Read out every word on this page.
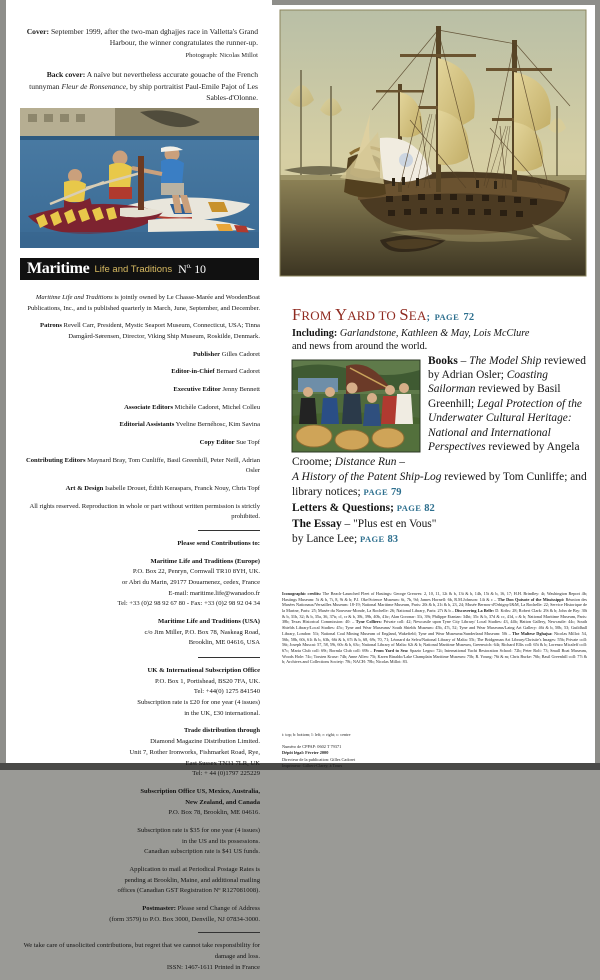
Cover: September 1999, after the two-man dghajjes race in Valletta's Grand Harbour, the winner congratulates the runner-up.
Photograph: Nicolas Millot

Back cover: A naïve but nevertheless accurate gouache of the French tunnyman Fleur de Ronsenance, by ship portraitist Paul-Emile Pajot of Les Sables-d'Olonne.

Maritime Life and Traditions $N^{o.}$ 10

Maritime Life and Traditions is jointly owned by Le Chasse-Marée and WoodenBoat Publications, Inc., and is published quarterly in March, June, September, and December.

Patrons Revell Carr, President, Mystic Seaport Museum, Connecticut, USA; Tinna Damgård-Sørensen, Director, Viking Ship Museum, Roskilde, Denmark.

Publisher Gilles Cadoret

Editor-in-Chief Bernard Cadoret

Executive Editor Jenny Bennett

Associate Editors Michèle Cadoret, Michel Colleu

Editorial Assistants Yveline Bernéhosc, Kim Savina

Copy Editor Sue Topf

Contributing Editors Maynard Bray, Tom Cunliffe, Basil Greenhill, Peter Neill, Adrian Osler

Art & Design Isabelle Drouet, Édith Keraspars, Franck Nouy, Chris Topf

All rights reserved. Reproduction in whole or part without written permission is strictly prohibited.

Please send Contributions to:

Maritime Life and Traditions (Europe)
P.O. Box 22, Penryn, Cornwall TR10 8YH, UK.
or Abri du Marin, 29177 Douarnenez, cedex, France
E-mail: maritime.life@wanadoo.fr
Tel: +33 (0)2 98 92 67 80 - Fax: +33 (0)2 98 92 04 34

Maritime Life and Traditions (USA)
c/o Jim Miller, P.O. Box 78, Naskeag Road,
Brooklin, ME 04616, USA

UK & International Subscription Office
P.O. Box 1, Portishead, BS20 7FA, UK.
Tel: +44(0) 1275 841540
Subscription rate is £20 for one year (4 issues)
in the UK, £30 international.

Trade distribution through
Diamond Magazine Distribution Limited.
Unit 7, Rother Ironworks, Fishmarket Road, Rye,
East Sussex TN31 7LR, UK
Tel: + 44 (0)1797 225229

Subscription Office US, Mexico, Australia,
New Zealand, and Canada
P.O. Box 78, Brooklin, ME 04616.

Subscription rate is $35 for one year (4 issues)
in the US and its possessions.
Canadian subscription rate is $41 US funds.

Application to mail at Periodical Postage Rates is
pending at Brooklin, Maine, and additional mailing
offices (Canadian GST Registration Nº R127081008).

Postmaster: Please send Change of Address
(form 3579) to P.O. Box 3000, Denville, NJ 07834-3000.

We take care of unsolicited contributions, but regret that we cannot take responsibility for damage and loss.
ISSN: 1467-1611 Printed in France

FROM YARD TO SEA; PAGE 72
Including: Garlandstone, Kathleen & May, Lois McClure
and news from around the world.
Books – The Model Ship reviewed by Adrian Osler; Coasting Sailorman reviewed by Basil Greenhill; Legal Protection of the Underwater Cultural Heritage: National and International Perspectives reviewed by Angela Croome; Distance Run –
A History of the Patent Ship-Log reviewed by Tom Cunliffe; and library notices; PAGE 79
Letters & Questions; PAGE 82
The Essay – "Plus est en Vous"
by Lance Lee; PAGE 83
Iconographic credits: The Beach-Launched Fleet of Hastings: George Greaves: 2, 10, 11, 12t & b, 13t & b, 14b, 15t & b, 16, 17; H.H. Brindley: 4t; Washington Report 4b; Hastings Museum: 5t & b, 7t, 8, 9t & b; P.J. Oke/Science Museum: 6t, 7b, 9d; James Hornell: 6b, R.M.Johnson: 14t & c – The Don Quixote of the Mississippi: Réunion des Musées Nationaux/Versailles Museum: 18-19; National Maritime Museum, Paris: 20t & b, 21t & b, 23, 24; Musée Bernou-d'Orbigny/J&M, La Rochelle: 22; Service Historique de la Marine, Paris: 25; Musée du Nouveau-Monde, La Rochelle: 26; National Library, Paris: 27t & b – Discovering La Belle: D. Kribs: 28; Robert Clark: 29t & b; John de Bry: 30t & b, 31b, 32; & b, 35a, 36, 37tr, cl, cr & b, 38t, 39b, 40b, 41tr; Alan Goronar: 31t, 39t; Philippe Etanian: 34bt; 35c & b, 37d & cc, 41d, c & b; National Maritime Museum, Paris: 38b; Texas Historical Commission: 40: – Tyne Colliers: Private coll: 42; Newcastle upon Tyne City Library/ Local Studies: 43, 44b; Hatton Gallery, Newcastle: 44c; South Shields Library/Local Studies: 45c; Tyne and Wear Museums/ South Shields Museum: 45b, 47t, 52; Tyne and Wear Museums/Laing Art Gallery: 46t & b, 50b, 53; Guildhall Library, London: 51t; National Coal Mining Museum of England, Wakefield; Tyne and Wear Museums/Sunderland Museum: 50t – The Maltese Dghajsa: Nicolas Millot: 54, 56b, 58b, 60t, 61t & b, 63b, 66t & b, 67t & b, 68, 69r, 70, 71; Léonard da Selva/National Library of Malta: 55t; The Bridgeman Art Library/Christie's Images: 55b; Private coll: 56t; Joseph Muscat: 57, 58, 59t, 60c & b, 63c; National Library of Malta: 62t & b; National Maritime Museum, Greenwich: 64t; Richard Ellis coll: 65t & b; Lorenzo Micaleff coll: 67c; Maria Club coll: 69t; Bormla Club coll: 69b – From Yard to Sea: Spazio Legno: 72t; International Yacht Restoration School: 72b; Peter Rolt: 73; Small Boat Museum, Woods Hole: 74c; Torsten Kruse: 74b; Anne Allen: 75t; Karen Rinaldo/Lake Champlain Maritime Museum: 75b; R. Young: 76t & m; Chris Burke: 76b; Basil Greenhill coll: 77t & b; Archives and Collections Society: 78t; NACH: 78b; Nicolas Millot: 83.
t: top; b: bottom; l: left; r: right; c: centre
Numéro de CPPAP: 0602 T 79371
Dépôt légal: Février 2000
Directeur de la publication: Gilles Cadoret
Imprimeur: Gilbert-Clarey, à Tours
